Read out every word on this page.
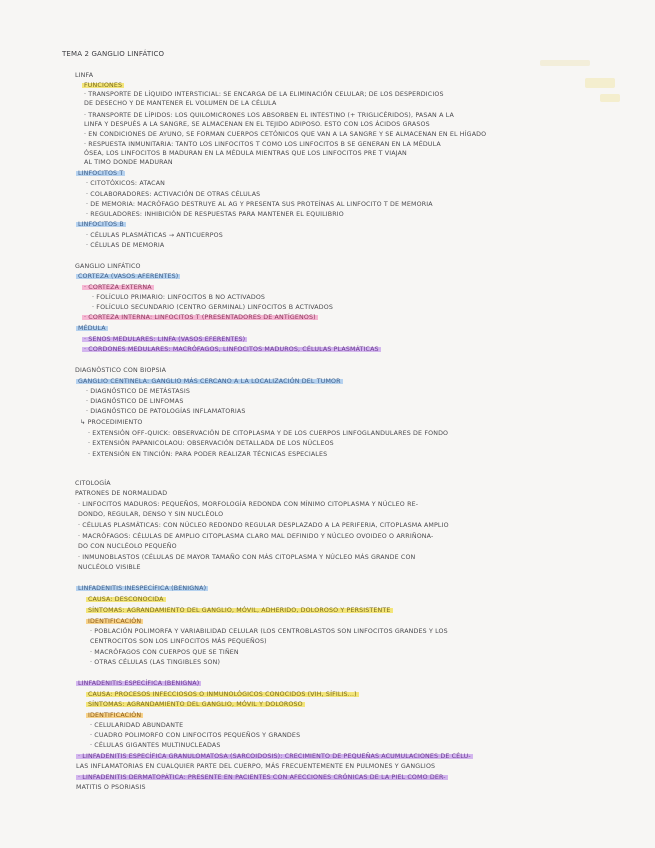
TEMA 2 GANGLIO LINFÁTICO
LINFA
FUNCIONES
· TRANSPORTE DE LÍQUIDO INTERSTICIAL: SE ENCARGA DE LA ELIMINACIÓN CELULAR; DE LOS DESPERDICIOS
DE DESECHO Y DE MANTENER EL VOLUMEN DE LA CÉLULA
· TRANSPORTE DE LÍPIDOS: LOS QUILOMICRONES LOS ABSORBEN EL INTESTINO (+ TRIGLICÉRIDOS), PASAN A LA
LINFA Y DESPUÉS A LA SANGRE, SE ALMACENAN EN EL TEJIDO ADIPOSO. ESTO CON LOS ÁCIDOS GRASOS
· EN CONDICIONES DE AYUNO, SE FORMAN CUERPOS CETÓNICOS QUE VAN A LA SANGRE Y SE ALMACENAN EN EL HÍGADO
· RESPUESTA INMUNITARIA: TANTO LOS LINFOCITOS T COMO LOS LINFOCITOS B SE GENERAN EN LA MÉDULA
ÓSEA, LOS LINFOCITOS B MADURAN EN LA MÉDULA MIENTRAS QUE LOS LINFOCITOS PRE T VIAJAN
AL TIMO DONDE MADURAN
LINFOCITOS T
· CITOTÓXICOS: ATACAN
· COLABORADORES: ACTIVACIÓN DE OTRAS CÉLULAS
· DE MEMORIA: MACRÓFAGO DESTRUYE AL AG Y PRESENTA SUS PROTEÍNAS AL LINFOCITO T DE MEMORIA
· REGULADORES: INHIBICIÓN DE RESPUESTAS PARA MANTENER EL EQUILIBRIO
LINFOCITOS B
· CÉLULAS PLASMÁTICAS → ANTICUERPOS
· CÉLULAS DE MEMORIA
GANGLIO LINFÁTICO
CORTEZA (VASOS AFERENTES)
· CORTEZA EXTERNA
· FOLÍCULO PRIMARIO: LINFOCITOS B NO ACTIVADOS
· FOLÍCULO SECUNDARIO (CENTRO GERMINAL) LINFOCITOS B ACTIVADOS
· CORTEZA INTERNA: LINFOCITOS T (PRESENTADORES DE ANTÍGENOS)
MÉDULA
· SENOS MEDULARES: LINFA (VASOS EFERENTES)
· CORDONES MEDULARES: MACRÓFAGOS, LINFOCITOS MADUROS, CÉLULAS PLASMÁTICAS
DIAGNÓSTICO CON BIOPSIA
GANGLIO CENTINELA: GANGLIO MÁS CERCANO A LA LOCALIZACIÓN DEL TUMOR
· DIAGNÓSTICO DE METÁSTASIS
· DIAGNÓSTICO DE LINFOMAS
· DIAGNÓSTICO DE PATOLOGÍAS INFLAMATORIAS
↳ PROCEDIMIENTO
· EXTENSIÓN OFF-QUICK: OBSERVACIÓN DE CITOPLASMA Y DE LOS CUERPOS LINFOGLANDULARES DE FONDO
· EXTENSIÓN PAPANICOLAOU: OBSERVACIÓN DETALLADA DE LOS NÚCLEOS
· EXTENSIÓN EN TINCIÓN: PARA PODER REALIZAR TÉCNICAS ESPECIALES
CITOLOGÍA
PATRONES DE NORMALIDAD
· LINFOCITOS MADUROS: PEQUEÑOS, MORFOLOGÍA REDONDA CON MÍNIMO CITOPLASMA Y NÚCLEO RE-
DONDO, REGULAR, DENSO Y SIN NUCLÉOLO
· CÉLULAS PLASMÁTICAS: CON NÚCLEO REDONDO REGULAR DESPLAZADO A LA PERIFERIA, CITOPLASMA AMPLIO
· MACRÓFAGOS: CÉLULAS DE AMPLIO CITOPLASMA CLARO MAL DEFINIDO Y NÚCLEO OVOIDEO O ARRIÑONA-
DO CON NUCLÉOLO PEQUEÑO
· INMUNOBLASTOS (CÉLULAS DE MAYOR TAMAÑO CON MÁS CITOPLASMA Y NÚCLEO MÁS GRANDE CON
NUCLÉOLO VISIBLE
LINFADENITIS INESPECÍFICA (BENIGNA)
CAUSA: DESCONOCIDA
SÍNTOMAS: AGRANDAMIENTO DEL GANGLIO, MÓVIL, ADHERIDO, DOLOROSO Y PERSISTENTE
IDENTIFICACIÓN
· POBLACIÓN POLIMORFA Y VARIABILIDAD CELULAR (LOS CENTROBLASTOS SON LINFOCITOS GRANDES Y LOS
CENTROCITOS SON LOS LINFOCITOS MÁS PEQUEÑOS)
· MACRÓFAGOS CON CUERPOS QUE SE TIÑEN
· OTRAS CÉLULAS (LAS TINGIBLES SON)
LINFADENITIS ESPECÍFICA (BENIGNA)
CAUSA: PROCESOS INFECCIOSOS O INMUNOLÓGICOS CONOCIDOS (VIH, SÍFILIS...)
SÍNTOMAS: AGRANDAMIENTO DEL GANGLIO, MÓVIL Y DOLOROSO
IDENTIFICACIÓN
· CELULARIDAD ABUNDANTE
· CUADRO POLIMORFO CON LINFOCITOS PEQUEÑOS Y GRANDES
· CÉLULAS GIGANTES MULTINUCLEADAS
· LINFADENITIS ESPECÍFICA GRANULOMATOSA (SARCOIDOSIS): CRECIMIENTO DE PEQUEÑAS ACUMULACIONES DE CÉLU-
LAS INFLAMATORIAS EN CUALQUIER PARTE DEL CUERPO, MÁS FRECUENTEMENTE EN PULMONES Y GANGLIOS
· LINFADENITIS DERMATOPÁTICA: PRESENTE EN PACIENTES CON AFECCIONES CRÓNICAS DE LA PIEL COMO DER-
MATITIS O PSORIASIS
